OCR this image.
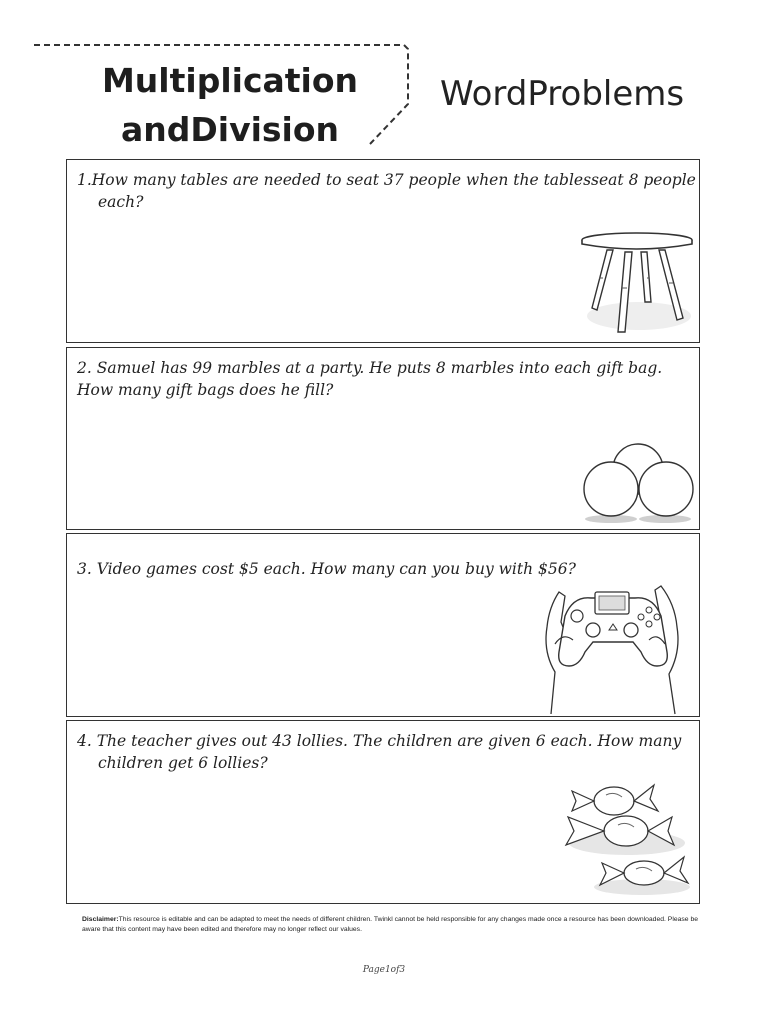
Multiplication
andDivision
WordProblems
1.How many tables are needed to seat 37 people when the tablesseat 8 people each?
2. Samuel has 99 marbles at a party. He puts 8 marbles into each gift bag. How many gift bags does he fill?
3. Video games cost $5 each. How many can you buy with $56?
4. The teacher gives out 43 lollies. The children are given 6 each. How many children get 6 lollies?
Disclaimer:This resource is editable and can be adapted to meet the needs of different children. Twinkl cannot be held responsible for any changes made once a resource has been downloaded. Please be aware that this content may have been edited and therefore may no longer reflect our values.
Page1of3
